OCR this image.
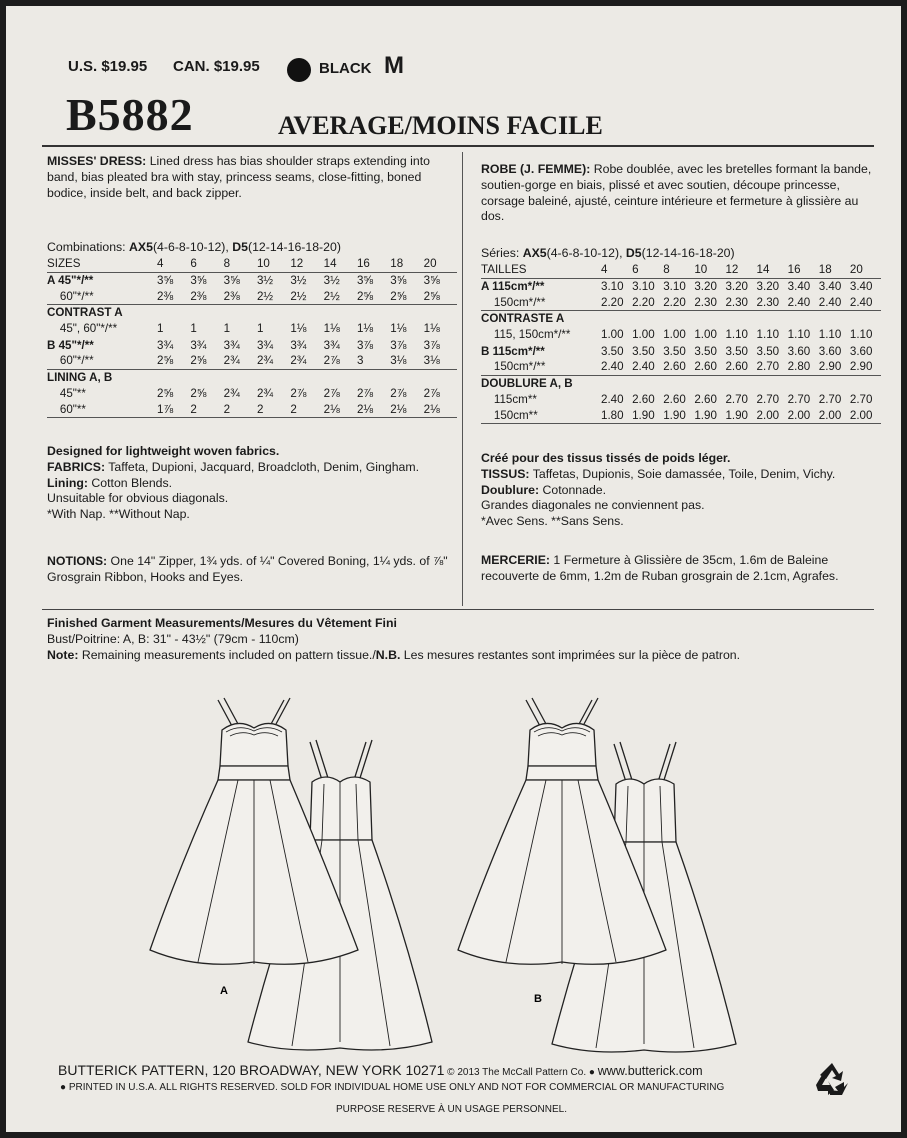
U.S. $19.95 CAN. $19.95	BLACK M
B5882	AVERAGE/MOINS FACILE
MISSES' DRESS: Lined dress has bias shoulder straps extending into band, bias pleated bra with stay, princess seams, close-fitting, boned bodice, inside belt, and back zipper.
Combinations: AX5(4-6-8-10-12), D5(12-14-16-18-20)
SIZES	4	6	8	10	12	14	16	18	20
A 45"*/**	3⅝	3⅝	3⅝	3½	3½	3½	3⅝	3⅝	3⅝
60"*/**	2⅜	2⅜	2⅜	2½	2½	2½	2⅝	2⅝	2⅝
CONTRAST A									
45", 60"*/**	1	1	1	1	1⅛	1⅛	1⅛	1⅛	1⅛
B 45"*/**	3¾	3¾	3¾	3¾	3¾	3¾	3⅞	3⅞	3⅞
60"*/**	2⅝	2⅝	2¾	2¾	2¾	2⅞	3	3⅛	3⅛
LINING A, B									
45"**	2⅝	2⅝	2¾	2¾	2⅞	2⅞	2⅞	2⅞	2⅞
60"**	1⅞	2	2	2	2	2⅛	2⅛	2⅛	2⅛
ROBE (J. FEMME): Robe doublée, avec les bretelles formant la bande, soutien-gorge en biais, plissé et avec soutien, découpe princesse, corsage baleiné, ajusté, ceinture intérieure et fermeture à glissière au dos.
Séries: AX5(4-6-8-10-12), D5(12-14-16-18-20)
TAILLES	4	6	8	10	12	14	16	18	20
A 115cm*/**	3.10	3.10	3.10	3.20	3.20	3.20	3.40	3.40	3.40
150cm*/**	2.20	2.20	2.20	2.30	2.30	2.30	2.40	2.40	2.40
CONTRASTE A									
115, 150cm*/**	1.00	1.00	1.00	1.00	1.10	1.10	1.10	1.10	1.10
B 115cm*/**	3.50	3.50	3.50	3.50	3.50	3.50	3.60	3.60	3.60
150cm*/**	2.40	2.40	2.60	2.60	2.60	2.70	2.80	2.90	2.90
DOUBLURE A, B									
115cm**	2.40	2.60	2.60	2.60	2.70	2.70	2.70	2.70	2.70
150cm**	1.80	1.90	1.90	1.90	1.90	2.00	2.00	2.00	2.00
Designed for lightweight woven fabrics.
FABRICS: Taffeta, Dupioni, Jacquard, Broadcloth, Denim, Gingham. Lining: Cotton Blends.
Unsuitable for obvious diagonals.
*With Nap. **Without Nap.
NOTIONS: One 14" Zipper, 1¾ yds. of ¼" Covered Boning, 1¼ yds. of ⅞" Grosgrain Ribbon, Hooks and Eyes.
Créé pour des tissus tissés de poids léger.
TISSUS: Taffetas, Dupionis, Soie damassée, Toile, Denim, Vichy. Doublure: Cotonnade.
Grandes diagonales ne conviennent pas.
*Avec Sens. **Sans Sens.
MERCERIE: 1 Fermeture à Glissière de 35cm, 1.6m de Baleine recouverte de 6mm, 1.2m de Ruban grosgrain de 2.1cm, Agrafes.
Finished Garment Measurements/Mesures du Vêtement Fini
Bust/Poitrine: A, B: 31" - 43½" (79cm - 110cm)
Note: Remaining measurements included on pattern tissue./N.B. Les mesures restantes sont imprimées sur la pièce de patron.
A
B
BUTTERICK PATTERN, 120 BROADWAY, NEW YORK 10271 © 2013 The McCall Pattern Co. ● www.butterick.com
● PRINTED IN U.S.A. ALL RIGHTS RESERVED. SOLD FOR INDIVIDUAL HOME USE ONLY AND NOT FOR COMMERCIAL OR MANUFACTURING
PURPOSE RESERVE À UN USAGE PERSONNEL.
